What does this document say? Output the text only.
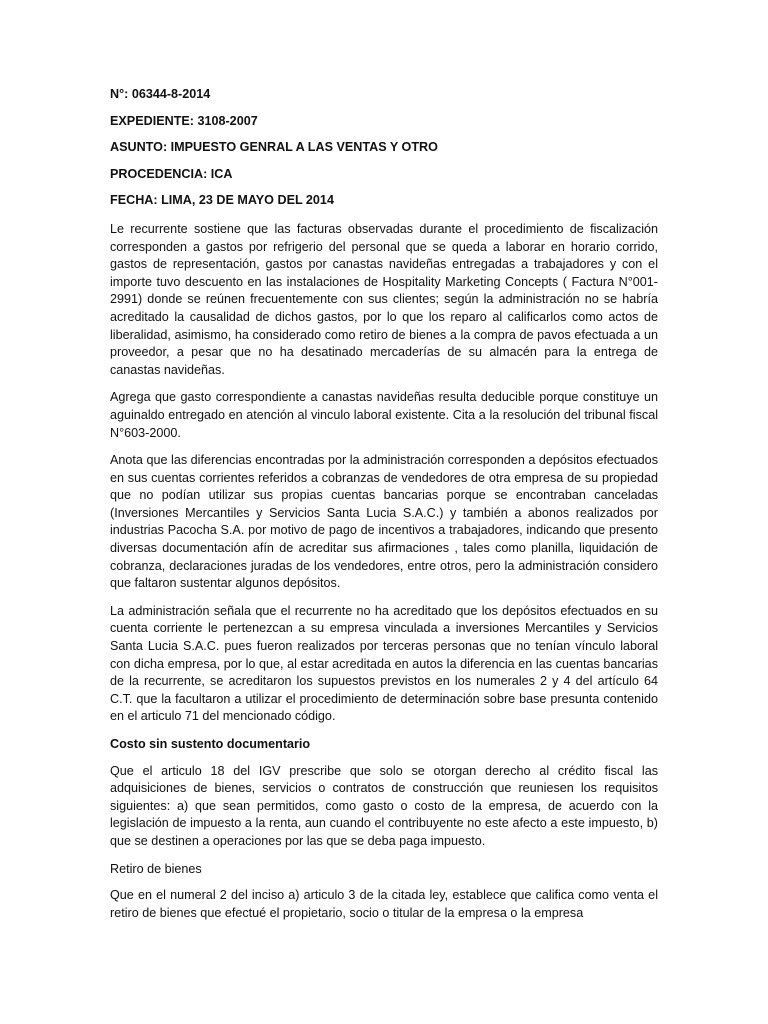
N°: 06344-8-2014
EXPEDIENTE: 3108-2007
ASUNTO: IMPUESTO GENRAL A LAS VENTAS Y OTRO
PROCEDENCIA: ICA
FECHA: LIMA, 23 DE MAYO DEL 2014
Le recurrente sostiene que las facturas observadas durante el procedimiento de fiscalización corresponden a gastos por refrigerio del personal que se queda a laborar en horario corrido, gastos de representación, gastos por canastas navideñas entregadas a trabajadores y con el importe tuvo descuento en las instalaciones de Hospitality Marketing Concepts ( Factura N°001-2991) donde se reúnen frecuentemente con sus clientes; según la administración no se habría acreditado la causalidad de dichos gastos, por lo que los reparo al calificarlos como actos de liberalidad, asimismo, ha considerado como retiro de bienes a la compra de pavos efectuada a un proveedor, a pesar que no ha desatinado mercaderías de su almacén para la entrega de canastas navideñas.
Agrega que gasto correspondiente a canastas navideñas resulta deducible porque constituye un aguinaldo entregado en atención al vinculo laboral existente. Cita a la resolución del tribunal fiscal N°603-2000.
Anota que las diferencias encontradas por la administración corresponden a depósitos efectuados en sus cuentas corrientes referidos a cobranzas de vendedores de otra empresa de su propiedad que no podían utilizar sus propias cuentas bancarias porque se encontraban canceladas (Inversiones Mercantiles y Servicios Santa Lucia S.A.C.) y también a abonos realizados por industrias Pacocha S.A. por motivo de pago de incentivos a trabajadores, indicando que presento diversas documentación afín de acreditar sus afirmaciones , tales como planilla, liquidación de cobranza, declaraciones juradas de los vendedores, entre otros, pero la administración considero que faltaron sustentar algunos depósitos.
La administración señala que el recurrente no ha acreditado que los depósitos efectuados en su cuenta corriente le pertenezcan a su empresa vinculada a inversiones Mercantiles y Servicios Santa Lucia S.A.C. pues fueron realizados por terceras personas que no tenían vínculo laboral con dicha empresa, por lo que, al estar acreditada en autos la diferencia en las cuentas bancarias de la recurrente, se acreditaron los supuestos previstos en los numerales 2 y 4 del artículo 64 C.T. que la facultaron a utilizar el procedimiento de determinación sobre base presunta contenido en el articulo 71 del mencionado código.
Costo sin sustento documentario
Que el articulo 18 del IGV prescribe que solo se otorgan derecho al crédito fiscal las adquisiciones de bienes, servicios o contratos de construcción que reuniesen los requisitos siguientes: a) que sean permitidos, como gasto o costo de la empresa, de acuerdo con la legislación de impuesto a la renta, aun cuando el contribuyente no este afecto a este impuesto, b) que se destinen a operaciones por las que se deba paga impuesto.
Retiro de bienes
Que en el numeral 2 del inciso a) articulo 3 de la citada ley, establece que califica como venta el retiro de bienes que efectué el propietario, socio o titular de la empresa o la empresa
